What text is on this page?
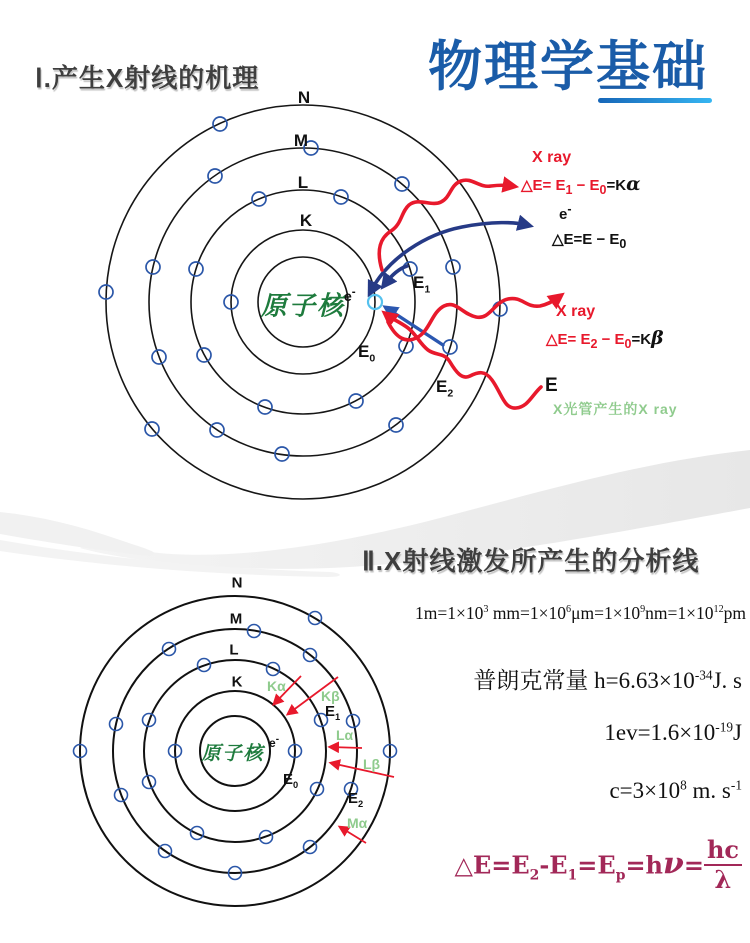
物理学基础
Ⅰ.产生X射线的机理
N
M
L
K
原子核
e-
$E_0$
$E_1$
$E_2$
X ray
△E= $E_1 - E_0=K\alpha$
e-
△E=E − $E_0$
X ray
△E= $E_2 - E_0=K\beta$
E
X光管产生的X ray
Ⅱ.X射线激发所产生的分析线
N
M
L
K
原子核 e-
$E_0$
$E_1$
$E_2$
Kα
Kβ
Lα
Lβ
Mα
$1m=1\times 10^3$ $mm=1\times 10^6\mu m=1\times 10^9nm=1\times 10^{12}pm$
普朗克常量 $h=6.63\times 10^{-34}J$. s
$1ev=1.6\times 10^{-19}J$
$c=3\times 10^8$ m. $s^{-1}$
$\triangle E=E_2-E_1=E_p=h\nu= \frac{hc}{\lambda}$
